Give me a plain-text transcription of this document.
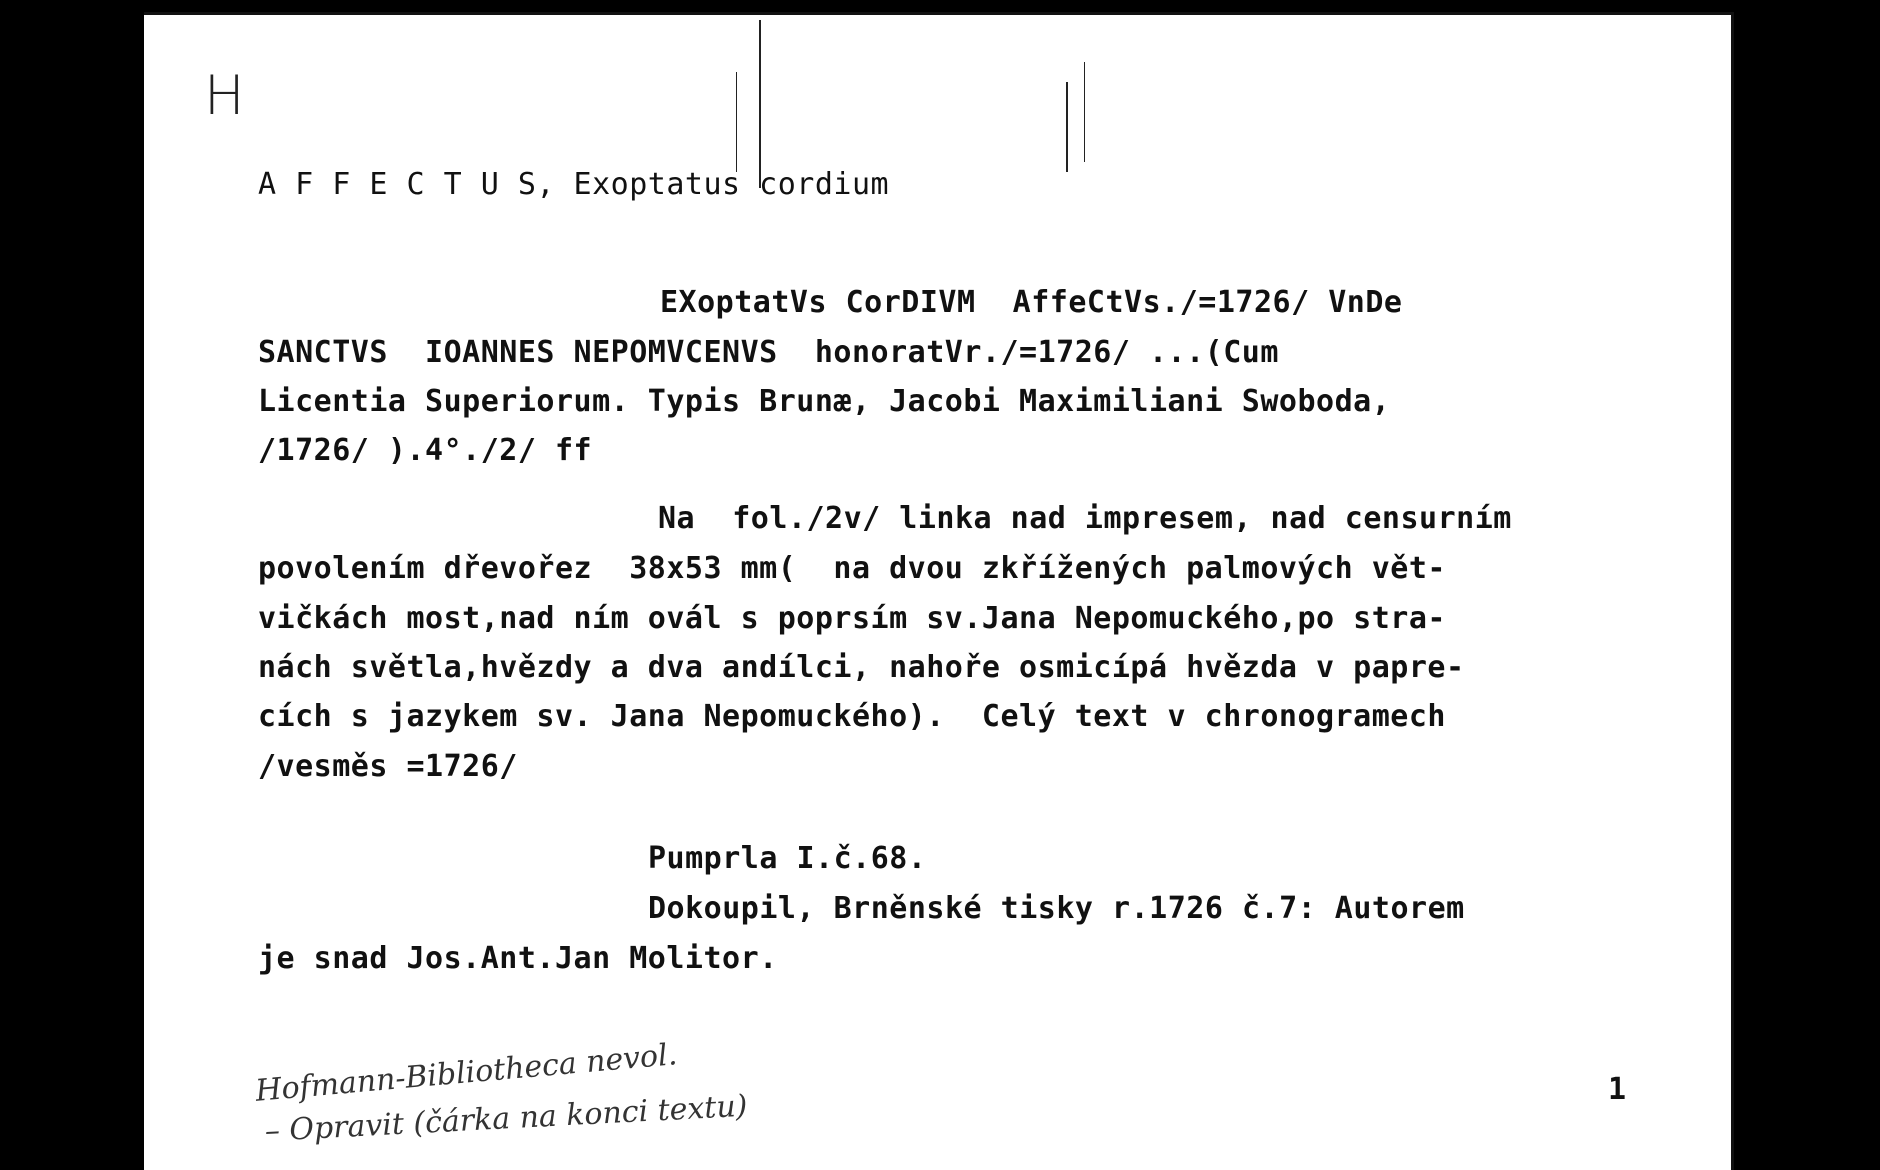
H
A F F E C T U S, Exoptatus cordium
EXoptatVs CorDIVM  AffeCtVs./=1726/ VnDe
SANCTVS  IOANNES NEPOMVCENVS  honoratVr./=1726/ ...(Cum
Licentia Superiorum. Typis Brunæ, Jacobi Maximiliani Swoboda,
/1726/ ).4°./2/ ff
Na  fol./2v/ linka nad impresem, nad censurním
povolením dřevořez  38x53 mm(  na dvou zkřížených palmových vět-
vičkách most,nad ním ovál s poprsím sv.Jana Nepomuckého,po stra-
nách světla,hvězdy a dva andílci, nahoře osmicípá hvězda v papre-
cích s jazykem sv. Jana Nepomuckého).  Celý text v chronogramech
/vesměs =1726/
Pumprla I.č.68.
Dokoupil, Brněnské tisky r.1726 č.7: Autorem
je snad Jos.Ant.Jan Molitor.
Hofmann-Bibliotheca nevol.
– Opravit (čárka na konci textu)	1
